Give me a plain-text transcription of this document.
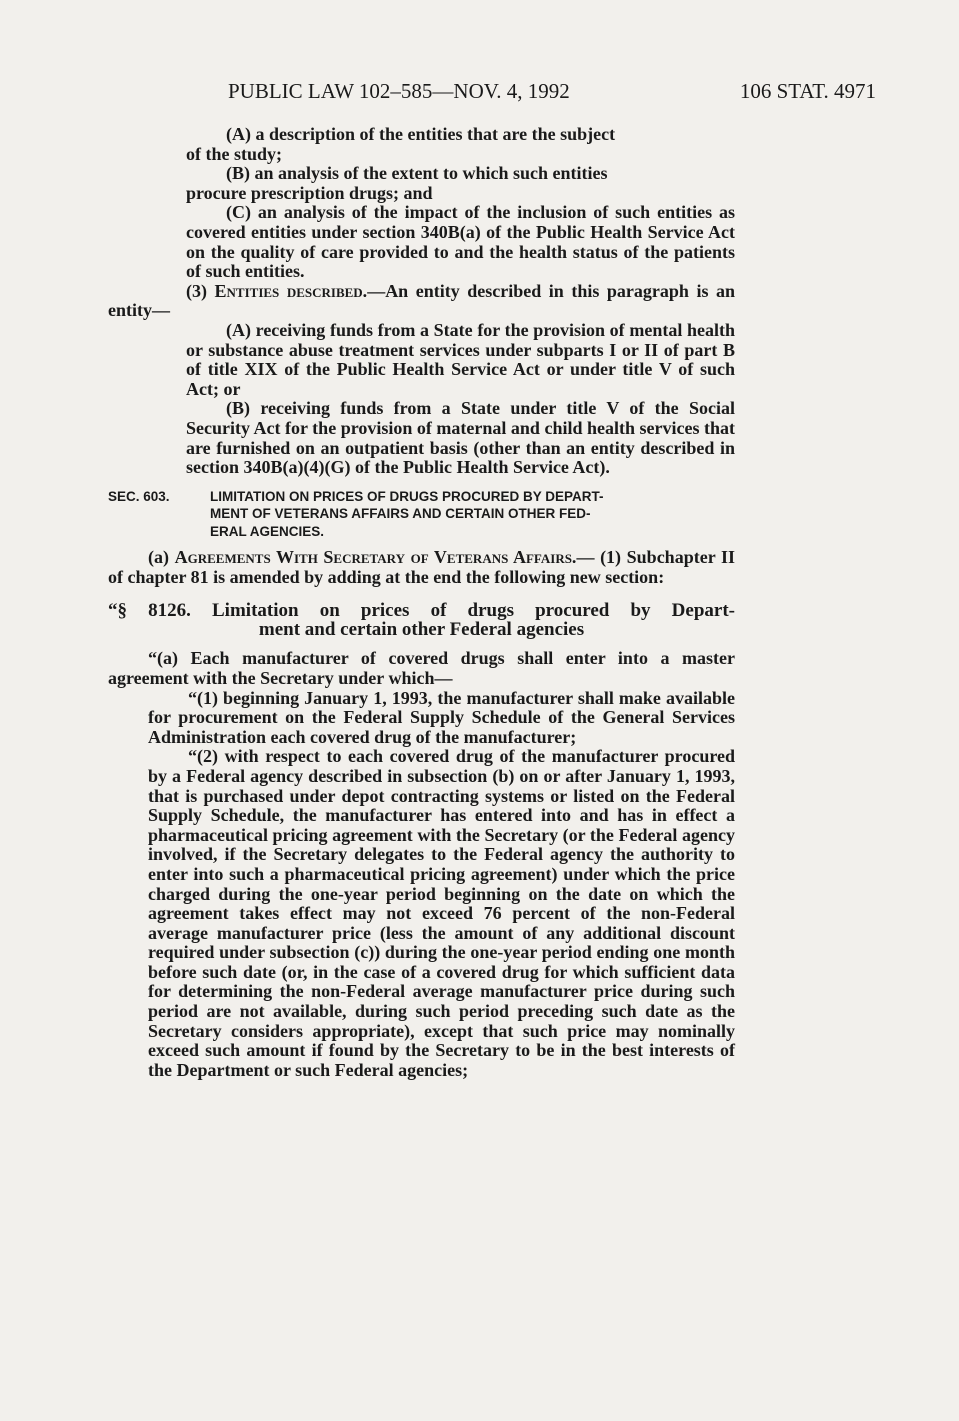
PUBLIC LAW 102–585—NOV. 4, 1992	106 STAT. 4971

(A) a description of the entities that are the subject

of the study;

(B) an analysis of the extent to which such entities

procure prescription drugs; and

(C) an analysis of the impact of the inclusion of such entities as covered entities under section 340B(a) of the Public Health Service Act on the quality of care provided to and the health status of the patients of such entities.

(3) Entities described.—An entity described in this paragraph is an entity—

(A) receiving funds from a State for the provision of mental health or substance abuse treatment services under subparts I or II of part B of title XIX of the Public Health Service Act or under title V of such Act; or

(B) receiving funds from a State under title V of the Social Security Act for the provision of maternal and child health services that are furnished on an outpatient basis (other than an entity described in section 340B(a)(4)(G) of the Public Health Service Act).

SEC. 603.	LIMITATION ON PRICES OF DRUGS PROCURED BY DEPART-
MENT OF VETERANS AFFAIRS AND CERTAIN OTHER FED-
ERAL AGENCIES.

(a) Agreements With Secretary of Veterans Affairs.— (1) Subchapter II of chapter 81 is amended by adding at the end the following new section:

“§ 8126. Limitation on prices of drugs procured by Depart-
ment and certain other Federal agencies

“(a) Each manufacturer of covered drugs shall enter into a master agreement with the Secretary under which—

“(1) beginning January 1, 1993, the manufacturer shall make available for procurement on the Federal Supply Schedule of the General Services Administration each covered drug of the manufacturer;

“(2) with respect to each covered drug of the manufacturer procured by a Federal agency described in subsection (b) on or after January 1, 1993, that is purchased under depot contracting systems or listed on the Federal Supply Schedule, the manufacturer has entered into and has in effect a pharmaceutical pricing agreement with the Secretary (or the Federal agency involved, if the Secretary delegates to the Federal agency the authority to enter into such a pharmaceutical pricing agreement) under which the price charged during the one-year period beginning on the date on which the agreement takes effect may not exceed 76 percent of the non-Federal average manufacturer price (less the amount of any additional discount required under subsection (c)) during the one-year period ending one month before such date (or, in the case of a covered drug for which sufficient data for determining the non-Federal average manufacturer price during such period are not available, during such period preceding such date as the Secretary considers appropriate), except that such price may nominally exceed such amount if found by the Secretary to be in the best interests of the Department or such Federal agencies;
